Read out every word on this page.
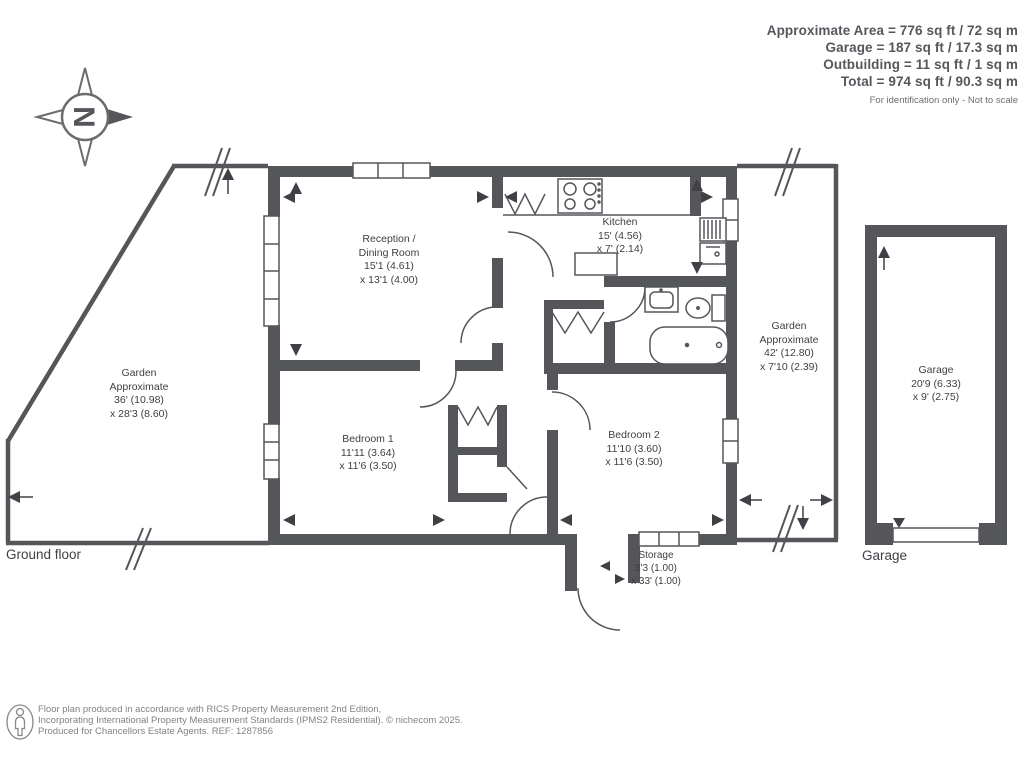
N
Approximate Area = 776 sq ft / 72 sq m
Garage = 187 sq ft / 17.3 sq m
Outbuilding = 11 sq ft / 1 sq m
Total = 974 sq ft / 90.3 sq m
For identification only - Not to scale
Reception /
Dining Room
15'1 (4.61)
x 13'1 (4.00)
Kitchen
15' (4.56)
x 7' (2.14)
Garden
Approximate
36' (10.98)
x 28'3 (8.60)
Garden
Approximate
42' (12.80)
x 7'10 (2.39)
Bedroom 1
11'11 (3.64)
x 11'6 (3.50)
Bedroom 2
11'10 (3.60)
x 11'6 (3.50)
Storage
3'3 (1.00)
x 33' (1.00)
Garage
20'9 (6.33)
x 9' (2.75)
Ground floor	Garage
Floor plan produced in accordance with RICS Property Measurement 2nd Edition,
Incorporating International Property Measurement Standards (IPMS2 Residential). © nichecom 2025.
Produced for Chancellors Estate Agents. REF: 1287856
